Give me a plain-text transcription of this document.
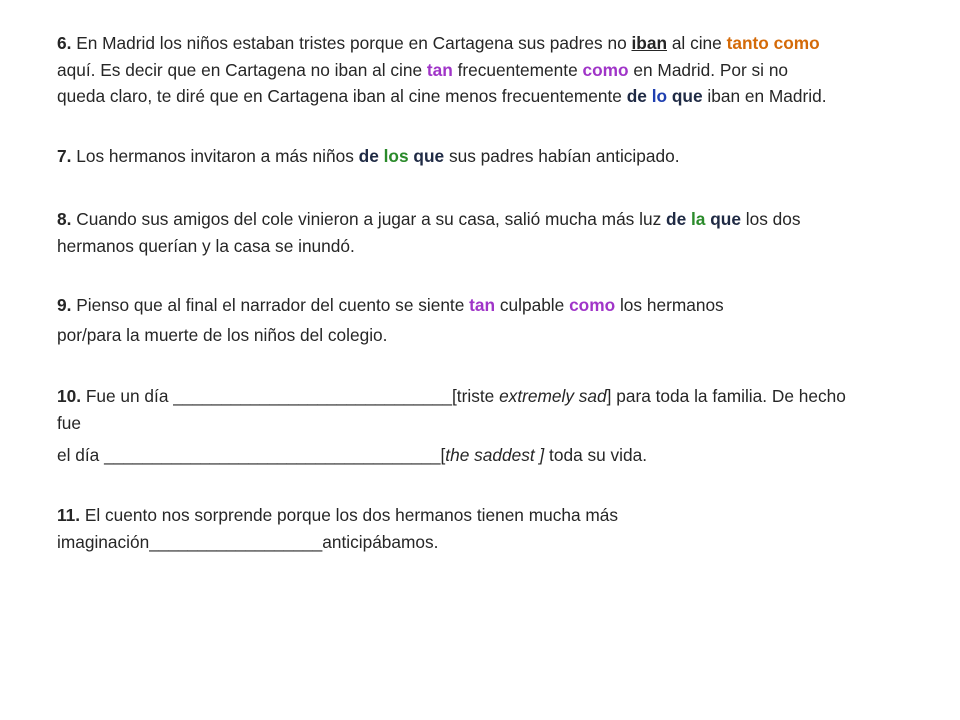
6. En Madrid los niños estaban tristes porque en Cartagena sus padres no iban al cine tanto como
aquí. Es decir que en Cartagena no iban al cine tan frecuentemente como en Madrid. Por si no
queda claro, te diré que en Cartagena iban al cine menos frecuentemente de lo que iban en Madrid.
7. Los hermanos invitaron a más niños de los que sus padres habían anticipado.
8. Cuando sus amigos del cole vinieron a jugar a su casa, salió mucha más luz de la que los dos
hermanos querían y la casa se inundó.
9. Pienso que al final el narrador del cuento se siente tan culpable como los hermanos
por/para la muerte de los niños del colegio.
10. Fue un día _____________________________[triste extremely sad] para toda la familia. De hecho
fue
el día ___________________________________[the saddest ] toda su vida.
11. El cuento nos sorprende porque los dos hermanos tienen mucha más
imaginación__________________anticipábamos.
